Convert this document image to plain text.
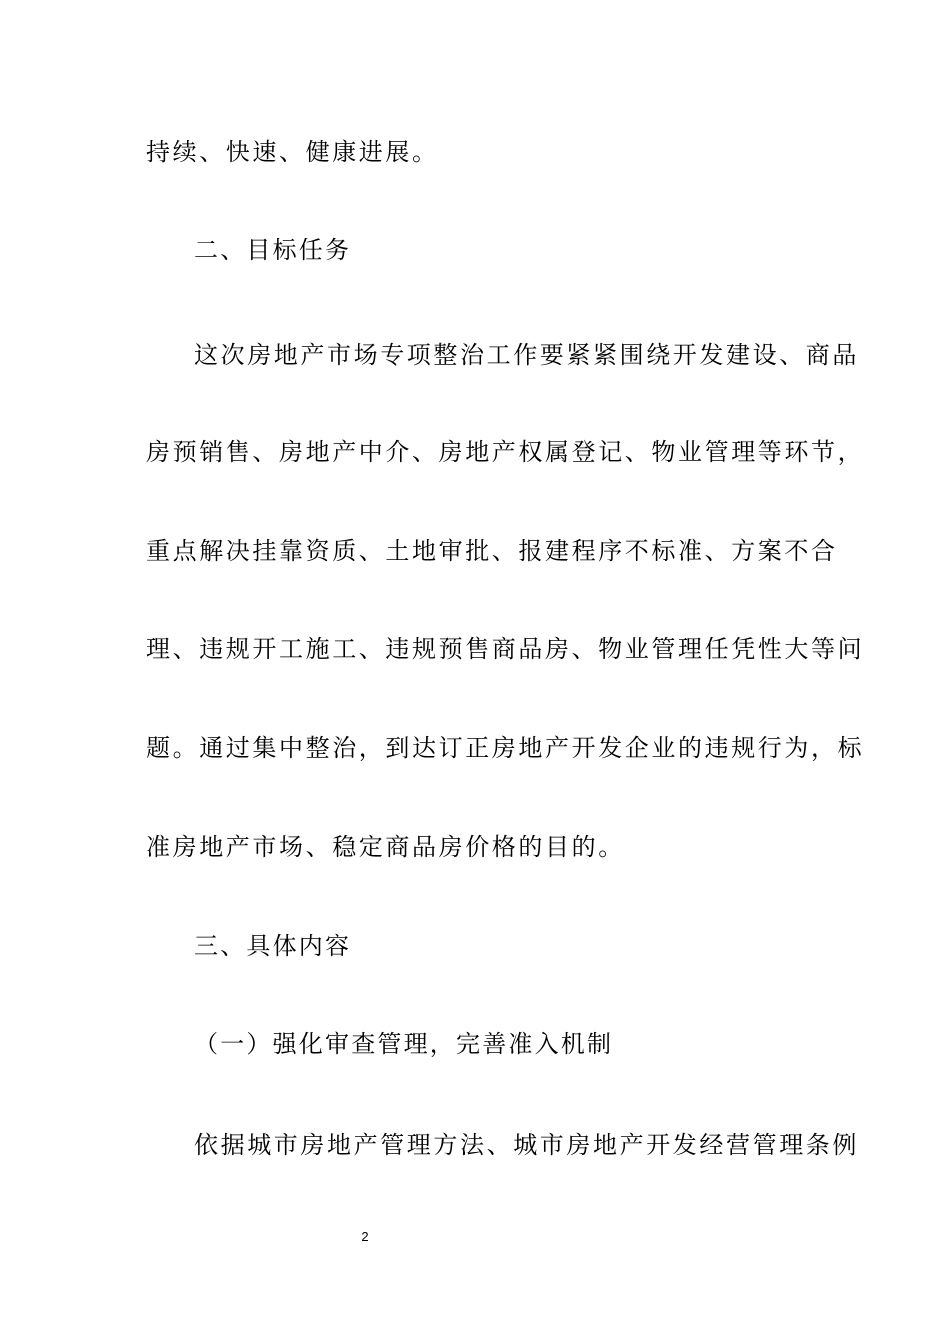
持续、快速、健康进展。
二、目标任务
这次房地产市场专项整治工作要紧紧围绕开发建设、商品
房预销售、房地产中介、房地产权属登记、物业管理等环节，
重点解决挂靠资质、土地审批、报建程序不标准、方案不合
理、违规开工施工、违规预售商品房、物业管理任凭性大等问
题。通过集中整治，到达订正房地产开发企业的违规行为，标
准房地产市场、稳定商品房价格的目的。
三、具体内容
（一）强化审查管理，完善准入机制
依据城市房地产管理方法、城市房地产开发经营管理条例
2
